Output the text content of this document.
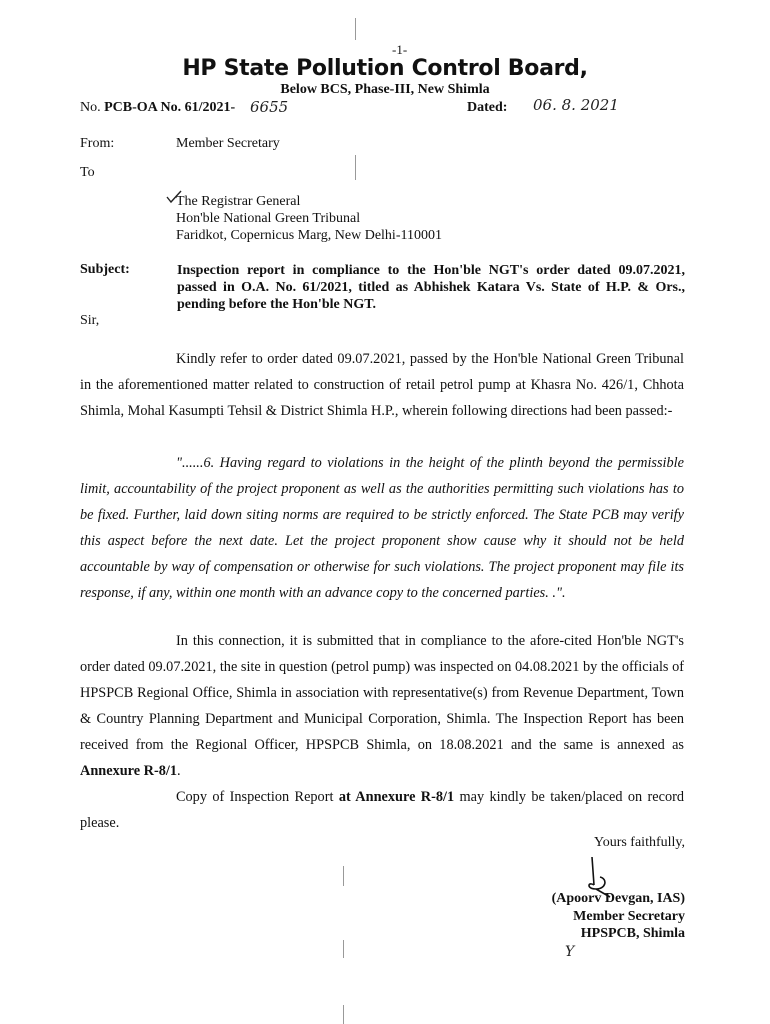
-1-
HP State Pollution Control Board,
Below BCS, Phase-III, New Shimla
No. PCB-OA No. 61/2021- 6655	Dated: 06. 8. 2021
From:	Member Secretary
To
The Registrar General
Hon'ble National Green Tribunal
Faridkot, Copernicus Marg, New Delhi-110001
Subject:	Inspection report in compliance to the Hon'ble NGT's order dated 09.07.2021, passed in O.A. No. 61/2021, titled as Abhishek Katara Vs. State of H.P. & Ors., pending before the Hon'ble NGT.
Sir,
Kindly refer to order dated 09.07.2021, passed by the Hon'ble National Green Tribunal in the aforementioned matter related to construction of retail petrol pump at Khasra No. 426/1, Chhota Shimla, Mohal Kasumpti Tehsil & District Shimla H.P., wherein following directions had been passed:-
"......6. Having regard to violations in the height of the plinth beyond the permissible limit, accountability of the project proponent as well as the authorities permitting such violations has to be fixed. Further, laid down siting norms are required to be strictly enforced. The State PCB may verify this aspect before the next date. Let the project proponent show cause why it should not be held accountable by way of compensation or otherwise for such violations. The project proponent may file its response, if any, within one month with an advance copy to the concerned parties. .".
In this connection, it is submitted that in compliance to the afore-cited Hon'ble NGT's order dated 09.07.2021, the site in question (petrol pump) was inspected on 04.08.2021 by the officials of HPSPCB Regional Office, Shimla in association with representative(s) from Revenue Department, Town & Country Planning Department and Municipal Corporation, Shimla. The Inspection Report has been received from the Regional Officer, HPSPCB Shimla, on 18.08.2021 and the same is annexed as Annexure R-8/1.
Copy of Inspection Report at Annexure R-8/1 may kindly be taken/placed on record please.
Yours faithfully,
(Apoorv Devgan, IAS)
Member Secretary
HPSPCB, Shimla
Y
